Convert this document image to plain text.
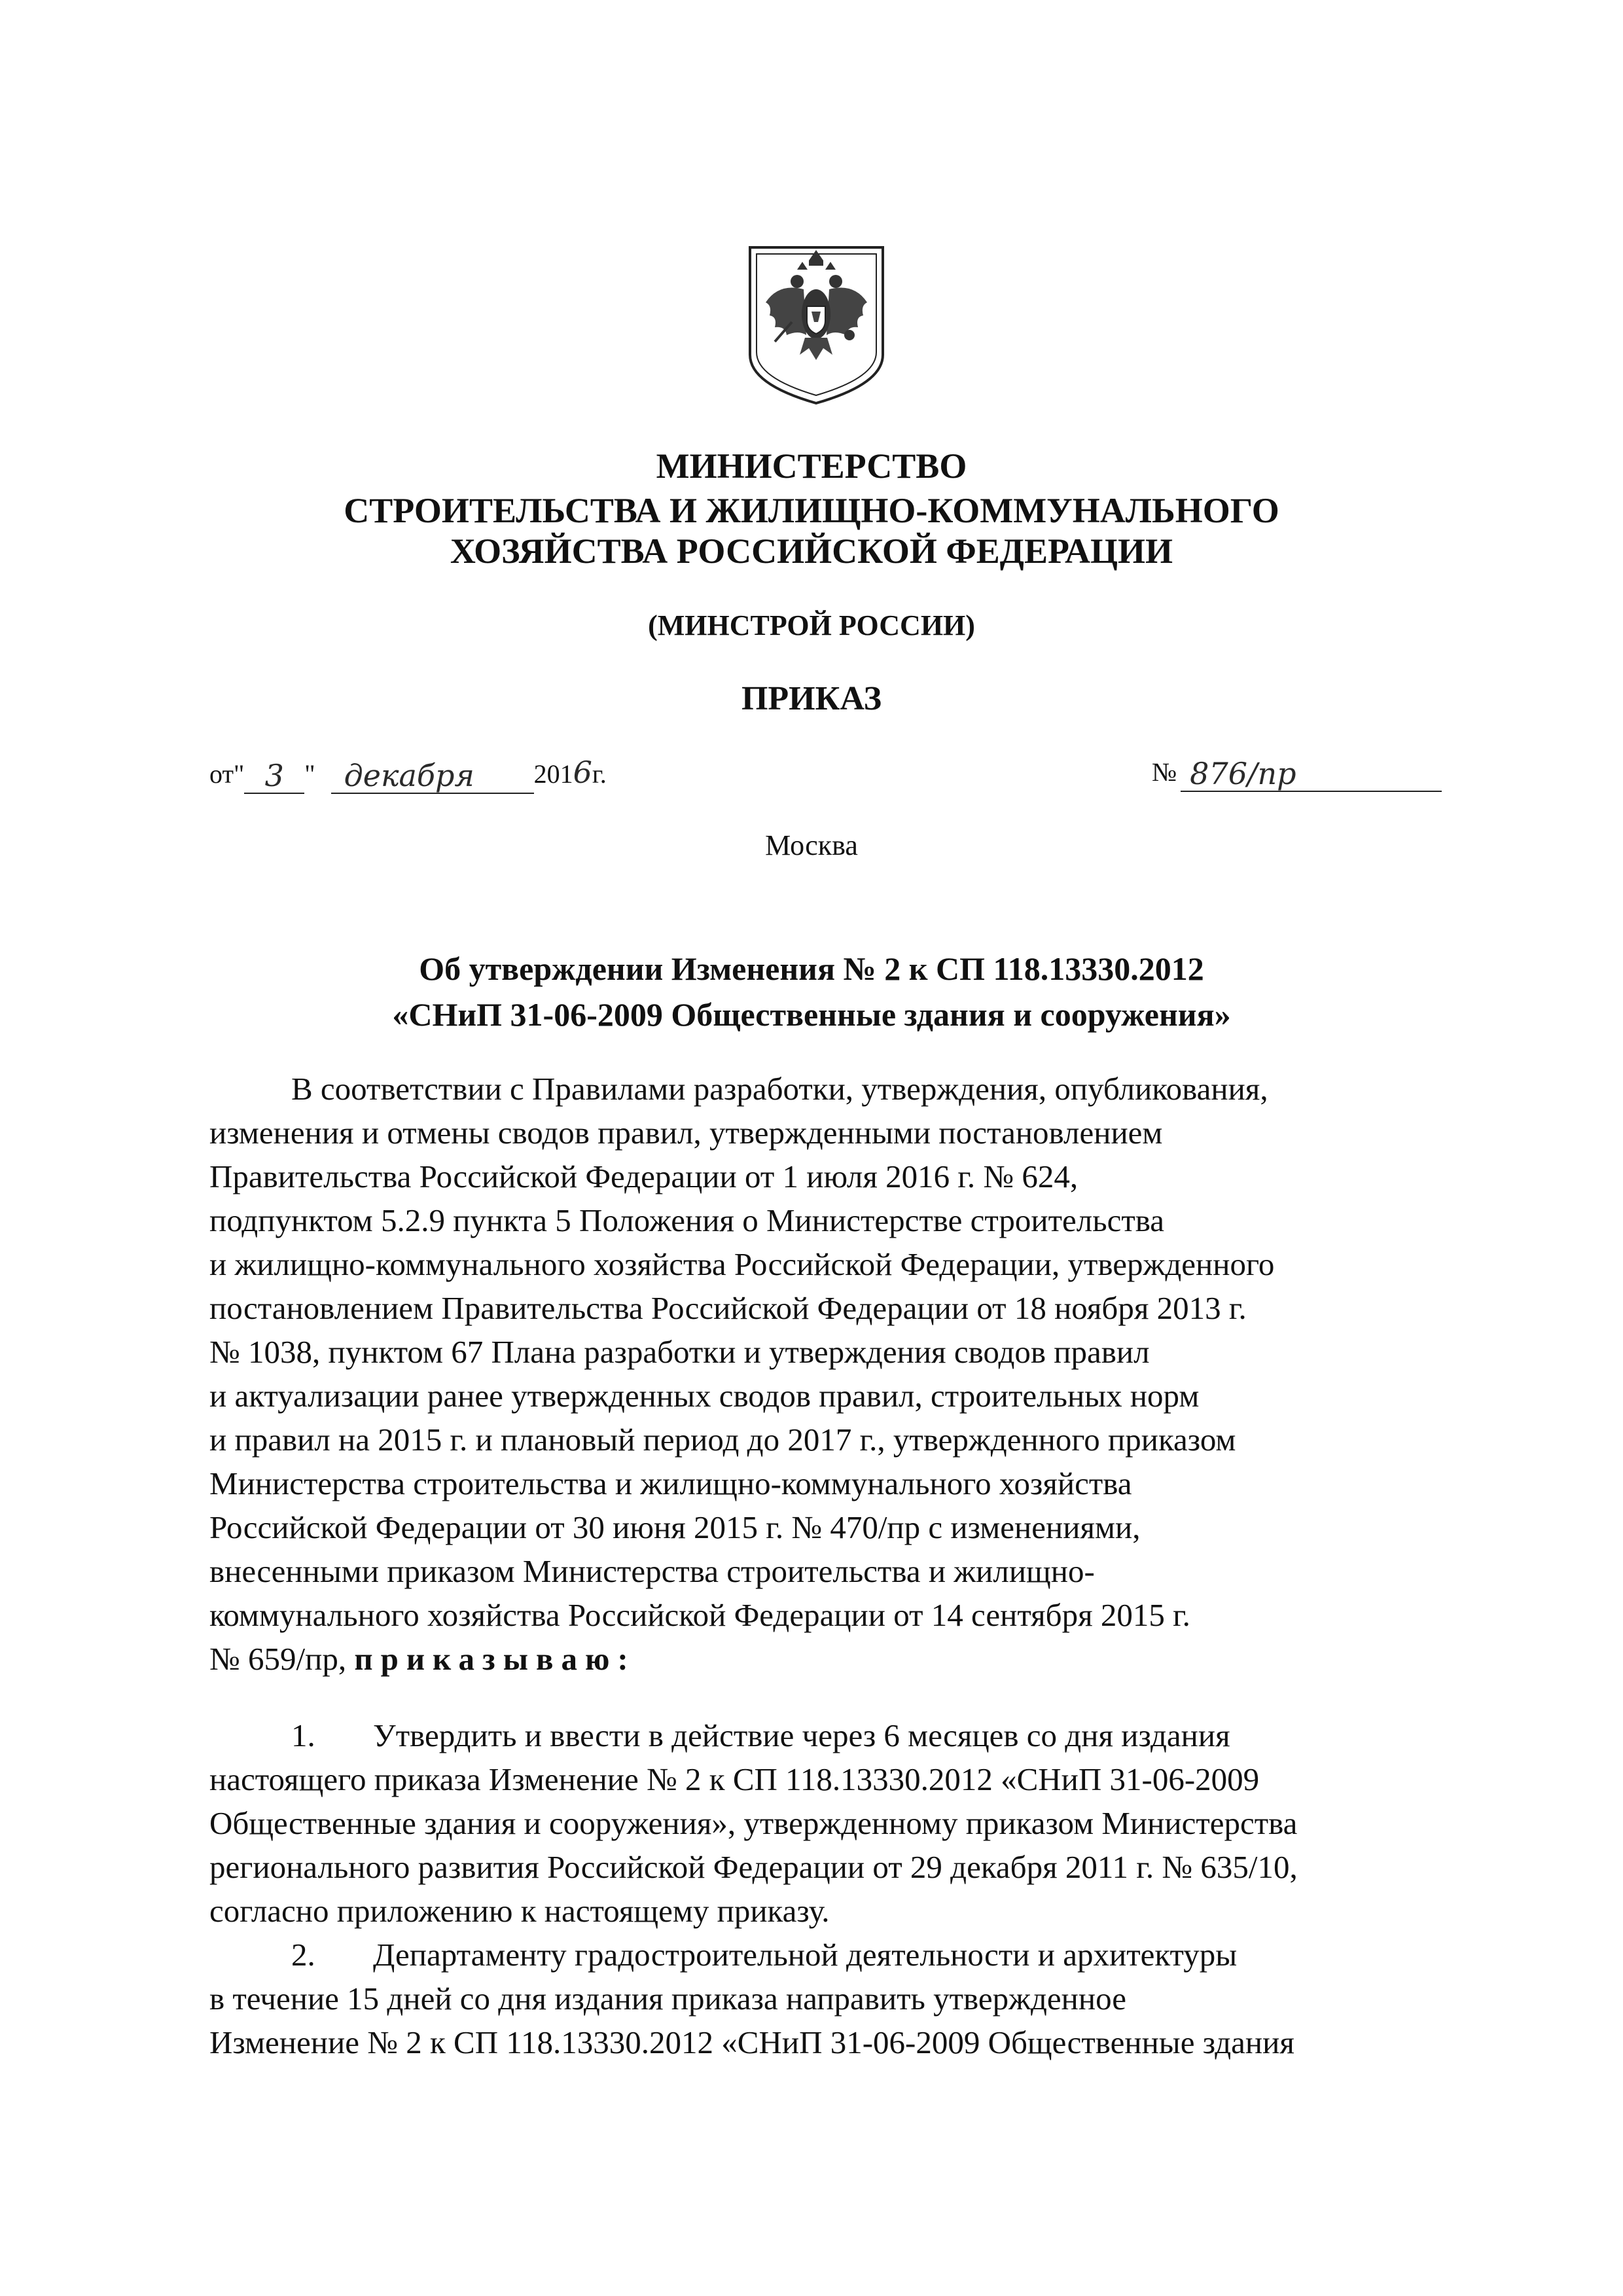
МИНИСТЕРСТВО
СТРОИТЕЛЬСТВА И ЖИЛИЩНО-КОММУНАЛЬНОГО
ХОЗЯЙСТВА РОССИЙСКОЙ ФЕДЕРАЦИИ
(МИНСТРОЙ РОССИИ)
ПРИКАЗ
от" 3 " декабря 2016г.	№ 876/пр
Москва
Об утверждении Изменения № 2 к СП 118.13330.2012
«СНиП 31-06-2009 Общественные здания и сооружения»
В соответствии с Правилами разработки, утверждения, опубликования,
изменения и отмены сводов правил, утвержденными постановлением
Правительства Российской Федерации от 1 июля 2016 г. № 624,
подпунктом 5.2.9 пункта 5 Положения о Министерстве строительства
и жилищно-коммунального хозяйства Российской Федерации, утвержденного
постановлением Правительства Российской Федерации от 18 ноября 2013 г.
№ 1038, пунктом 67 Плана разработки и утверждения сводов правил
и актуализации ранее утвержденных сводов правил, строительных норм
и правил на 2015 г. и плановый период до 2017 г., утвержденного приказом
Министерства строительства и жилищно-коммунального хозяйства
Российской Федерации от 30 июня 2015 г. № 470/пр с изменениями,
внесенными приказом Министерства строительства и жилищно-
коммунального хозяйства Российской Федерации от 14 сентября 2015 г.
№ 659/пр, приказываю:
1. Утвердить и ввести в действие через 6 месяцев со дня издания
настоящего приказа Изменение № 2 к СП 118.13330.2012 «СНиП 31-06-2009
Общественные здания и сооружения», утвержденному приказом Министерства
регионального развития Российской Федерации от 29 декабря 2011 г. № 635/10,
согласно приложению к настоящему приказу.
2. Департаменту градостроительной деятельности и архитектуры
в течение 15 дней со дня издания приказа направить утвержденное
Изменение № 2 к СП 118.13330.2012 «СНиП 31-06-2009 Общественные здания
